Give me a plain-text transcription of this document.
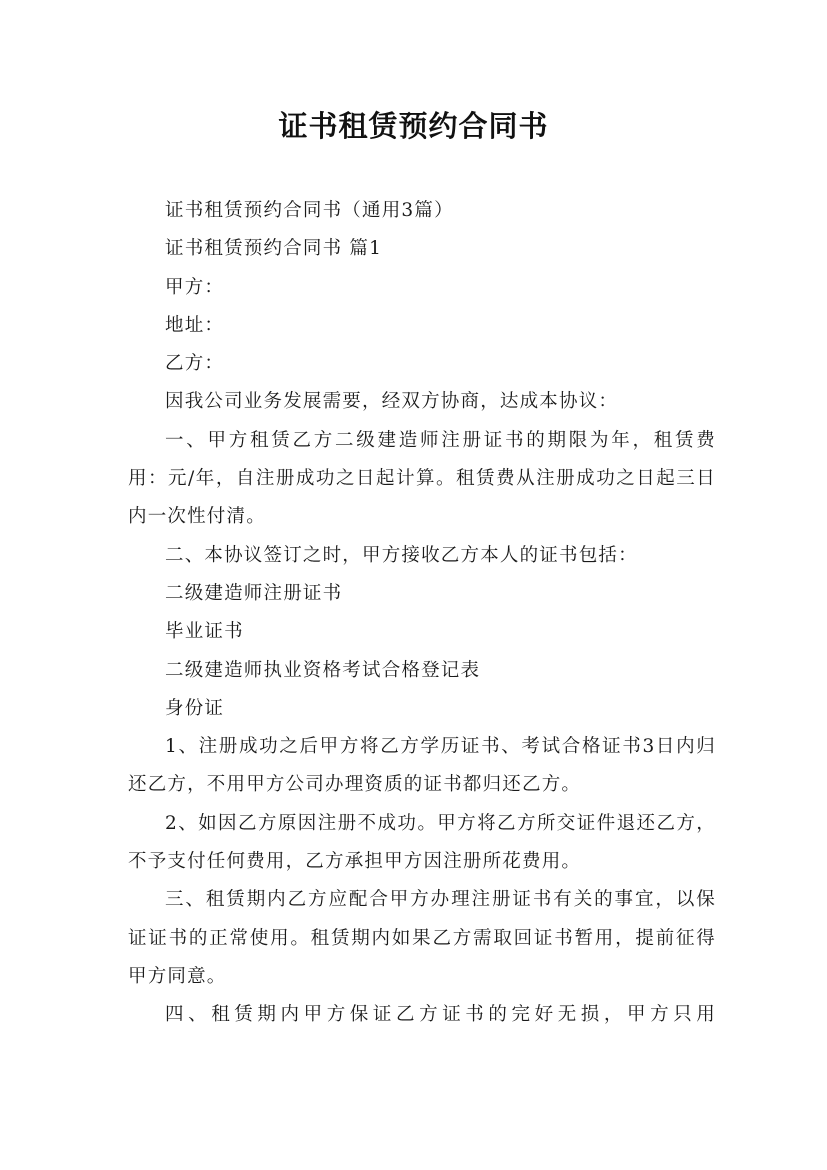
证书租赁预约合同书

证书租赁预约合同书（通用3篇）

证书租赁预约合同书 篇1

甲方：

地址：

乙方：

因我公司业务发展需要，经双方协商，达成本协议：

一、甲方租赁乙方二级建造师注册证书的期限为年，租赁费用：元/年，自注册成功之日起计算。租赁费从注册成功之日起三日内一次性付清。

二、本协议签订之时，甲方接收乙方本人的证书包括：

二级建造师注册证书

毕业证书

二级建造师执业资格考试合格登记表

身份证

1、注册成功之后甲方将乙方学历证书、考试合格证书3日内归还乙方，不用甲方公司办理资质的证书都归还乙方。

2、如因乙方原因注册不成功。甲方将乙方所交证件退还乙方，不予支付任何费用，乙方承担甲方因注册所花费用。

三、租赁期内乙方应配合甲方办理注册证书有关的事宜，以保证证书的正常使用。租赁期内如果乙方需取回证书暂用，提前征得甲方同意。

四、租赁期内甲方保证乙方证书的完好无损，甲方只用
